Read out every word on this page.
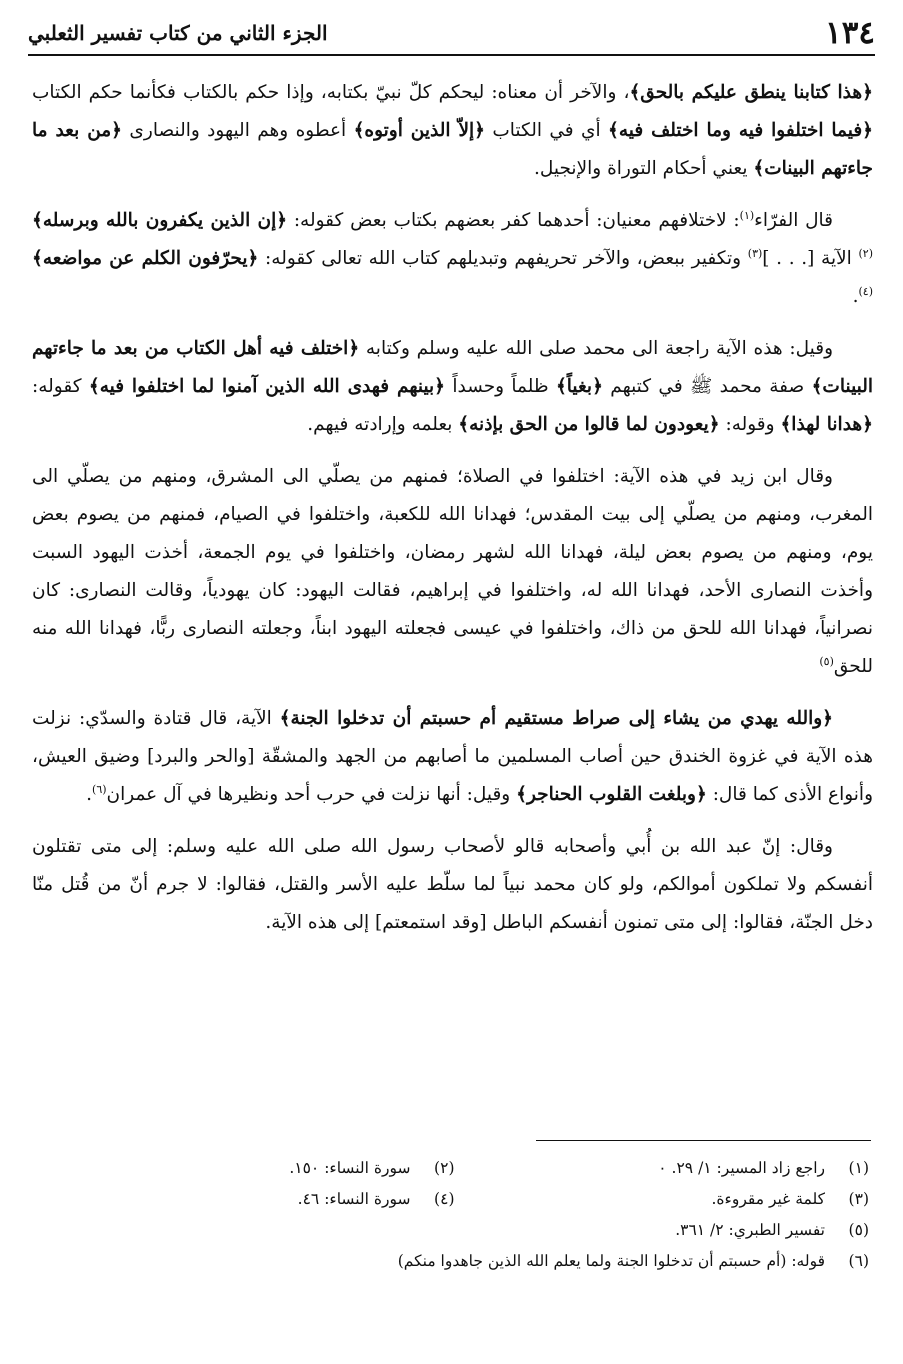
١٣٤
الجزء الثاني من كتاب تفسير الثعلبي

﴿هذا كتابنا ينطق عليكم بالحق﴾، والآخر أن معناه: ليحكم كلّ نبيّ بكتابه، وإذا حكم بالكتاب فكأنما حكم الكتاب ﴿فيما اختلفوا فيه وما اختلف فيه﴾ أي في الكتاب ﴿إلاّ الذين أوتوه﴾ أعطوه وهم اليهود والنصارى ﴿من بعد ما جاءتهم البينات﴾ يعني أحكام التوراة والإنجيل.

قال الفرّاء$^{(١)}$: لاختلافهم معنيان: أحدهما كفر بعضهم بكتاب بعض كقوله: ﴿إن الذين يكفرون بالله وبرسله﴾$^{(٢)}$ الآية [. . . ]$^{(٣)}$ وتكفير ببعض، والآخر تحريفهم وتبديلهم كتاب الله تعالى كقوله: ﴿يحرّفون الكلم عن مواضعه﴾$^{(٤)}$.

وقيل: هذه الآية راجعة الى محمد صلى الله عليه وسلم وكتابه ﴿اختلف فيه أهل الكتاب من بعد ما جاءتهم البينات﴾ صفة محمد ﷺ في كتبهم ﴿بغياً﴾ ظلماً وحسداً ﴿بينهم فهدى الله الذين آمنوا لما اختلفوا فيه﴾ كقوله: ﴿هدانا لهذا﴾ وقوله: ﴿يعودون لما قالوا من الحق بإذنه﴾ بعلمه وإرادته فيهم.

وقال ابن زيد في هذه الآية: اختلفوا في الصلاة؛ فمنهم من يصلّي الى المشرق، ومنهم من يصلّي الى المغرب، ومنهم من يصلّي إلى بيت المقدس؛ فهدانا الله للكعبة، واختلفوا في الصيام، فمنهم من يصوم بعض يوم، ومنهم من يصوم بعض ليلة، فهدانا الله لشهر رمضان، واختلفوا في يوم الجمعة، أخذت اليهود السبت وأخذت النصارى الأحد، فهدانا الله له، واختلفوا في إبراهيم، فقالت اليهود: كان يهودياً، وقالت النصارى: كان نصرانياً، فهدانا الله للحق من ذاك، واختلفوا في عيسى فجعلته اليهود ابناً، وجعلته النصارى ربًّا، فهدانا الله منه للحق$^{(٥)}$

﴿والله يهدي من يشاء إلى صراط مستقيم أم حسبتم أن تدخلوا الجنة﴾ الآية، قال قتادة والسدّي: نزلت هذه الآية في غزوة الخندق حين أصاب المسلمين ما أصابهم من الجهد والمشقّة [والحر والبرد] وضيق العيش، وأنواع الأذى كما قال: ﴿وبلغت القلوب الحناجر﴾ وقيل: أنها نزلت في حرب أحد ونظيرها في آل عمران$^{(٦)}$.

وقال: إنّ عبد الله بن أُبي وأصحابه قالو لأصحاب رسول الله صلى الله عليه وسلم: إلى متى تقتلون أنفسكم ولا تملكون أموالكم، ولو كان محمد نبياً لما سلّط عليه الأسر والقتل، فقالوا: لا جرم أنّ من قُتل منّا دخل الجنّة، فقالوا: إلى متى تمنون أنفسكم الباطل [وقد استمعتم] إلى هذه الآية.

(١)راجع زاد المسير: ١/ ٢٩. ٠
(٢)سورة النساء: ١٥٠.
(٣)كلمة غير مقروءة.
(٤)سورة النساء: ٤٦.
(٥)تفسير الطبري: ٢/ ٣٦١.
(٦)قوله: (أم حسبتم أن تدخلوا الجنة ولما يعلم الله الذين جاهدوا منكم)
